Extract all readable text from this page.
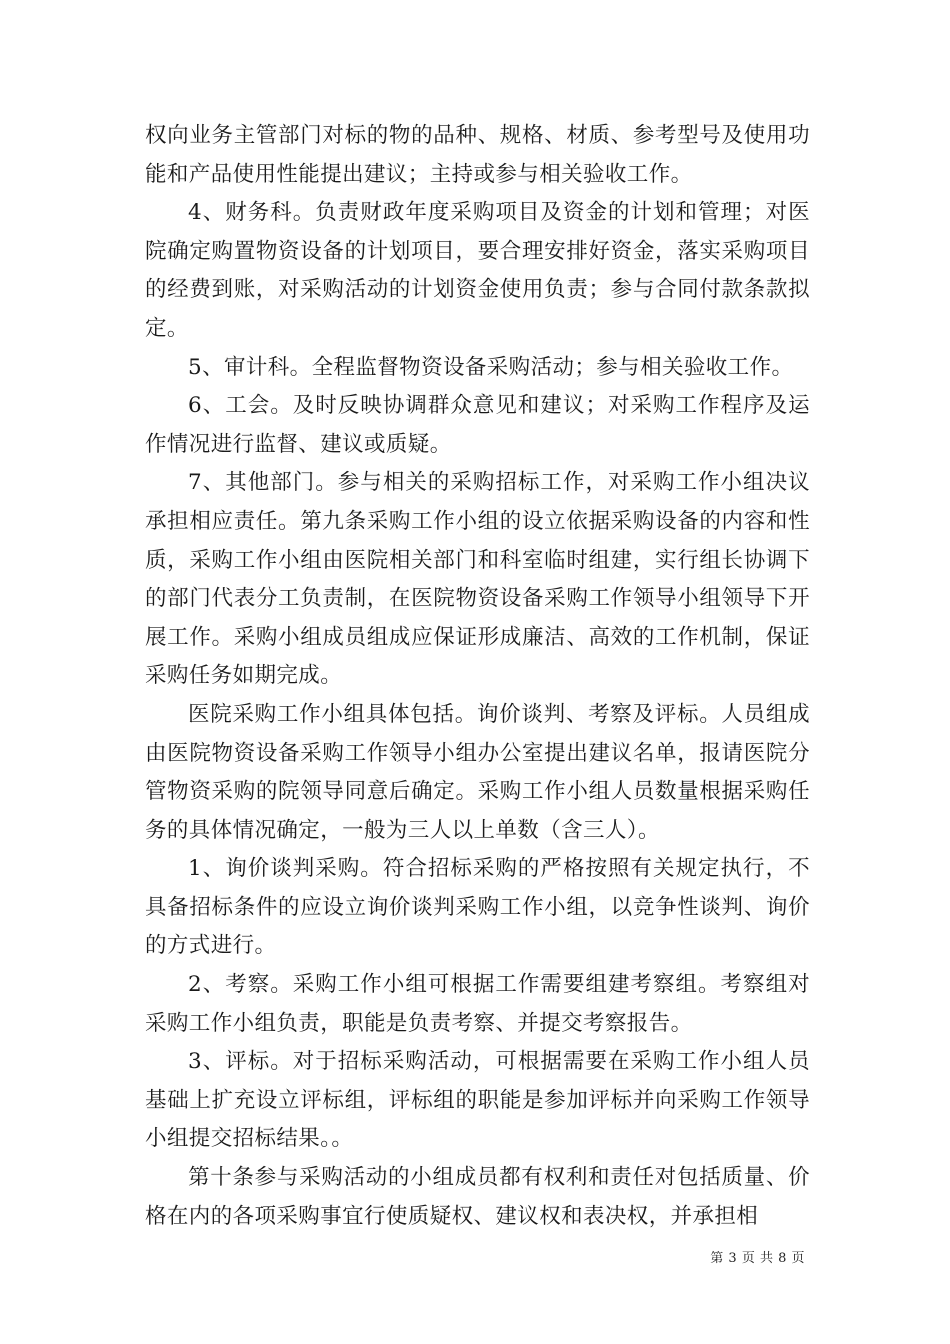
权向业务主管部门对标的物的品种、规格、材质、参考型号及使用功能和产品使用性能提出建议；主持或参与相关验收工作。

4、财务科。负责财政年度采购项目及资金的计划和管理；对医院确定购置物资设备的计划项目，要合理安排好资金，落实采购项目的经费到账，对采购活动的计划资金使用负责；参与合同付款条款拟定。

5、审计科。全程监督物资设备采购活动；参与相关验收工作。

6、工会。及时反映协调群众意见和建议；对采购工作程序及运作情况进行监督、建议或质疑。

7、其他部门。参与相关的采购招标工作，对采购工作小组决议承担相应责任。第九条采购工作小组的设立依据采购设备的内容和性质，采购工作小组由医院相关部门和科室临时组建，实行组长协调下的部门代表分工负责制，在医院物资设备采购工作领导小组领导下开展工作。采购小组成员组成应保证形成廉洁、高效的工作机制，保证采购任务如期完成。

医院采购工作小组具体包括。询价谈判、考察及评标。人员组成由医院物资设备采购工作领导小组办公室提出建议名单，报请医院分管物资采购的院领导同意后确定。采购工作小组人员数量根据采购任务的具体情况确定，一般为三人以上单数（含三人）。

1、询价谈判采购。符合招标采购的严格按照有关规定执行，不具备招标条件的应设立询价谈判采购工作小组，以竞争性谈判、询价的方式进行。

2、考察。采购工作小组可根据工作需要组建考察组。考察组对采购工作小组负责，职能是负责考察、并提交考察报告。

3、评标。对于招标采购活动，可根据需要在采购工作小组人员基础上扩充设立评标组，评标组的职能是参加评标并向采购工作领导小组提交招标结果。。

第十条参与采购活动的小组成员都有权利和责任对包括质量、价格在内的各项采购事宜行使质疑权、建议权和表决权，并承担相

第 3 页 共 8 页
